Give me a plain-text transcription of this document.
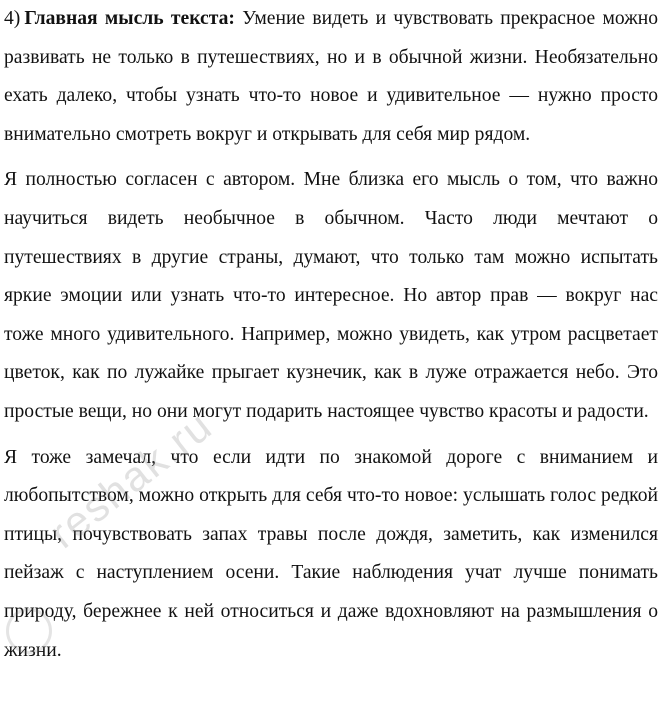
4) Главная мысль текста: Умение видеть и чувствовать прекрасное можно развивать не только в путешествиях, но и в обычной жизни. Необязательно ехать далеко, чтобы узнать что-то новое и удивительное — нужно просто внимательно смотреть вокруг и открывать для себя мир рядом.

Я полностью согласен с автором. Мне близка его мысль о том, что важно научиться видеть необычное в обычном. Часто люди мечтают о путешествиях в другие страны, думают, что только там можно испытать яркие эмоции или узнать что-то интересное. Но автор прав — вокруг нас тоже много удивительного. Например, можно увидеть, как утром расцветает цветок, как по лужайке прыгает кузнечик, как в луже отражается небо. Это простые вещи, но они могут подарить настоящее чувство красоты и радости.

Я тоже замечал, что если идти по знакомой дороге с вниманием и любопытством, можно открыть для себя что-то новое: услышать голос редкой птицы, почувствовать запах травы после дождя, заметить, как изменился пейзаж с наступлением осени. Такие наблюдения учат лучше понимать природу, бережнее к ней относиться и даже вдохновляют на размышления о жизни.

reshak.ru
